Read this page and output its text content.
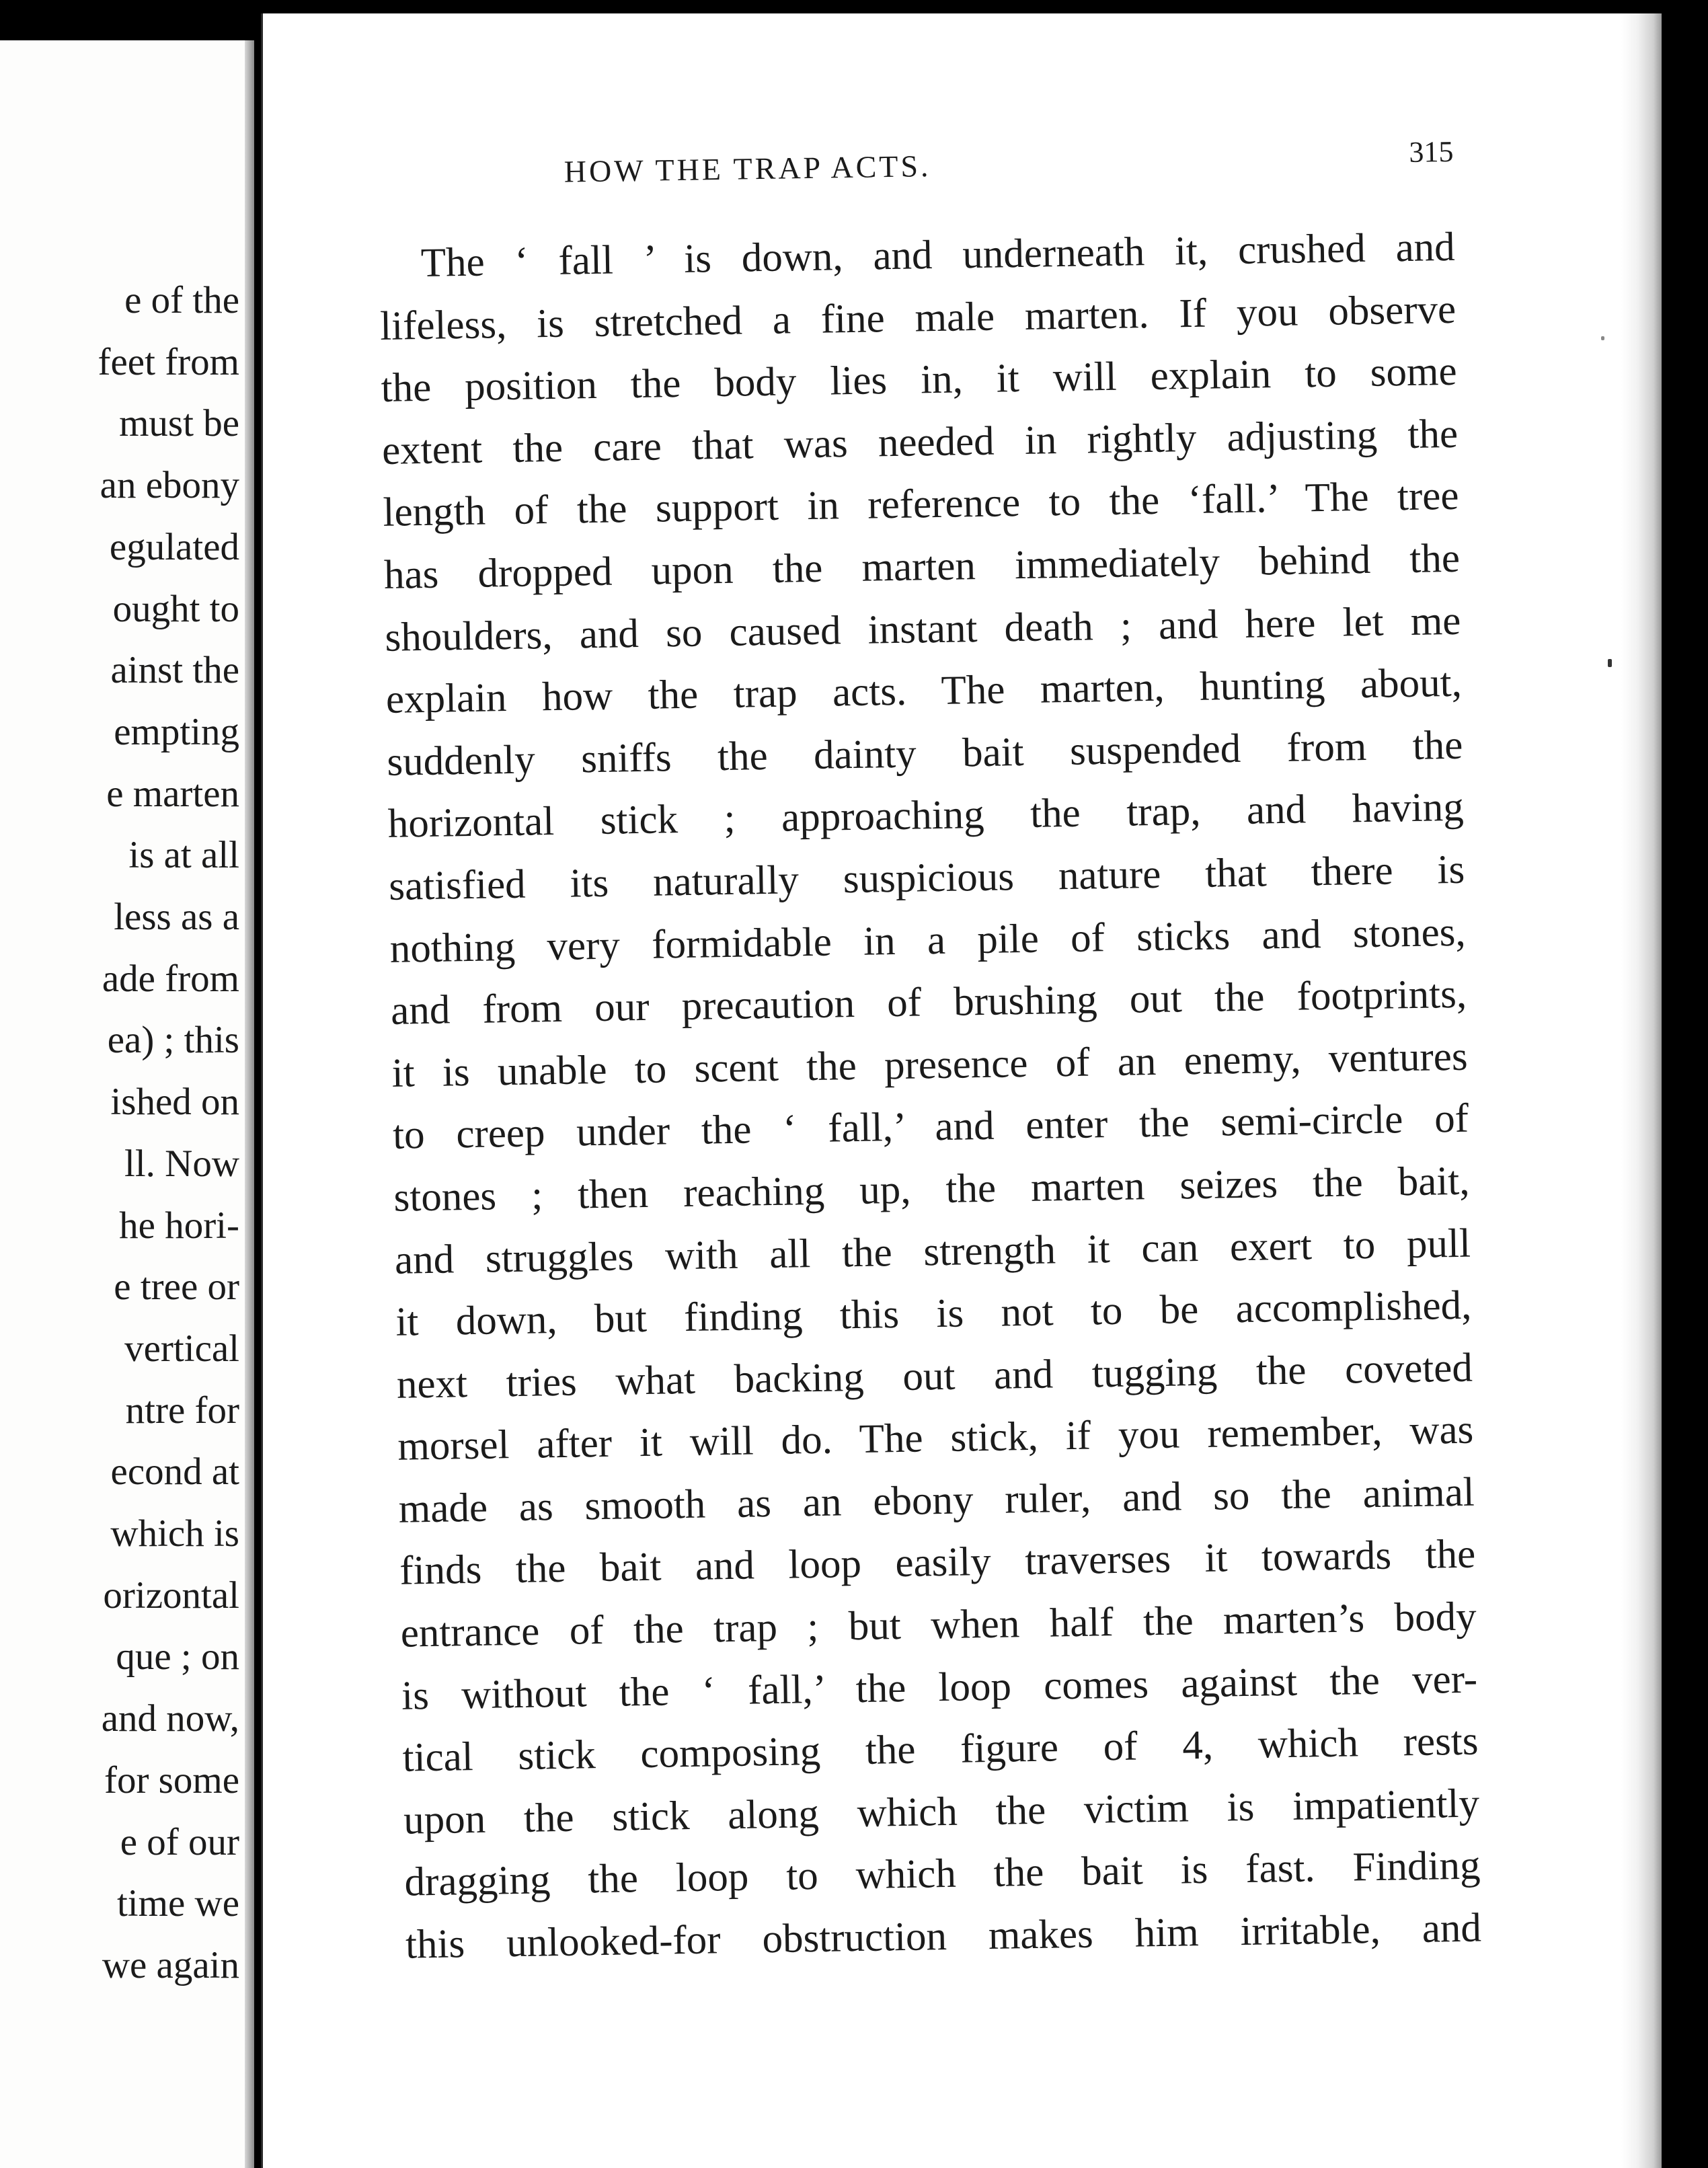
e of the
feet from
must be
an ebony
egulated
ought to
ainst the
empting
e marten
is at all
less as a
ade from
ea) ; this
ished on
ll. Now
he hori-
e tree or
vertical
ntre for
econd at
which is
orizontal
que ; on
and now,
for some
e of our
time we
we again
HOW THE TRAP ACTS.	315
The ‘ fall ’ is down, and underneath it, crushed and
lifeless, is stretched a fine male marten. If you observe
the position the body lies in, it will explain to some
extent the care that was needed in rightly adjusting the
length of the support in reference to the ‘fall.’ The tree
has dropped upon the marten immediately behind the
shoulders, and so caused instant death ; and here let me
explain how the trap acts. The marten, hunting about,
suddenly sniffs the dainty bait suspended from the
horizontal stick ; approaching the trap, and having
satisfied its naturally suspicious nature that there is
nothing very formidable in a pile of sticks and stones,
and from our precaution of brushing out the footprints,
it is unable to scent the presence of an enemy, ventures
to creep under the ‘ fall,’ and enter the semi-circle of
stones ; then reaching up, the marten seizes the bait,
and struggles with all the strength it can exert to pull
it down, but finding this is not to be accomplished,
next tries what backing out and tugging the coveted
morsel after it will do. The stick, if you remember, was
made as smooth as an ebony ruler, and so the animal
finds the bait and loop easily traverses it towards the
entrance of the trap ; but when half the marten’s body
is without the ‘ fall,’ the loop comes against the ver-
tical stick composing the figure of 4, which rests
upon the stick along which the victim is impatiently
dragging the loop to which the bait is fast. Finding
this unlooked-for obstruction makes him irritable, and
